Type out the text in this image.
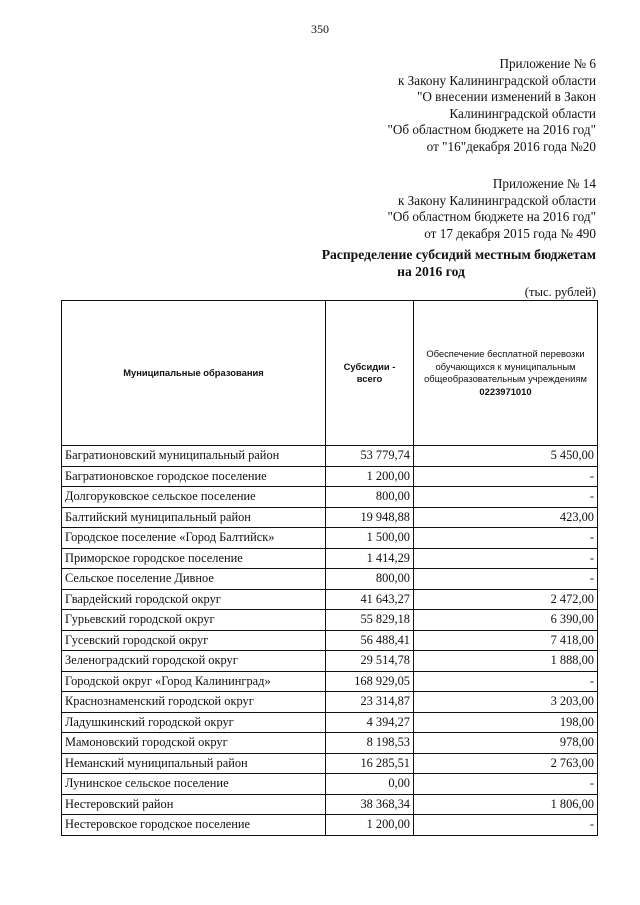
350
Приложение № 6
к Закону Калининградской области
"О внесении изменений в Закон
Калининградской области
"Об областном бюджете на 2016 год"
от "16"декабря 2016 года №20
Приложение № 14
к Закону Калининградской области
"Об областном бюджете на 2016 год"
от 17 декабря 2015 года № 490
Распределение субсидий местным бюджетам
на 2016 год
(тыс. рублей)
Муниципальные образования	Субсидии - всего	Обеспечение бесплатной перевозки обучающихся к муниципальным общеобразовательным учреждениям
0223971010

Багратионовский муниципальный район	53 779,74	5 450,00
Багратионовское городское поселение	1 200,00	-
Долгоруковское сельское поселение	800,00	-
Балтийский муниципальный район	19 948,88	423,00
Городское поселение «Город Балтийск»	1 500,00	-
Приморское городское поселение	1 414,29	-
Сельское поселение Дивное	800,00	-
Гвардейский городской округ	41 643,27	2 472,00
Гурьевский городской округ	55 829,18	6 390,00
Гусевский городской округ	56 488,41	7 418,00
Зеленоградский городской округ	29 514,78	1 888,00
Городской округ «Город Калининград»	168 929,05	-
Краснознаменский городской округ	23 314,87	3 203,00
Ладушкинский городской округ	4 394,27	198,00
Мамоновский городской округ	8 198,53	978,00
Неманский муниципальный район	16 285,51	2 763,00
Лунинское сельское поселение	0,00	-
Нестеровский район	38 368,34	1 806,00
Нестеровское городское поселение	1 200,00	-
